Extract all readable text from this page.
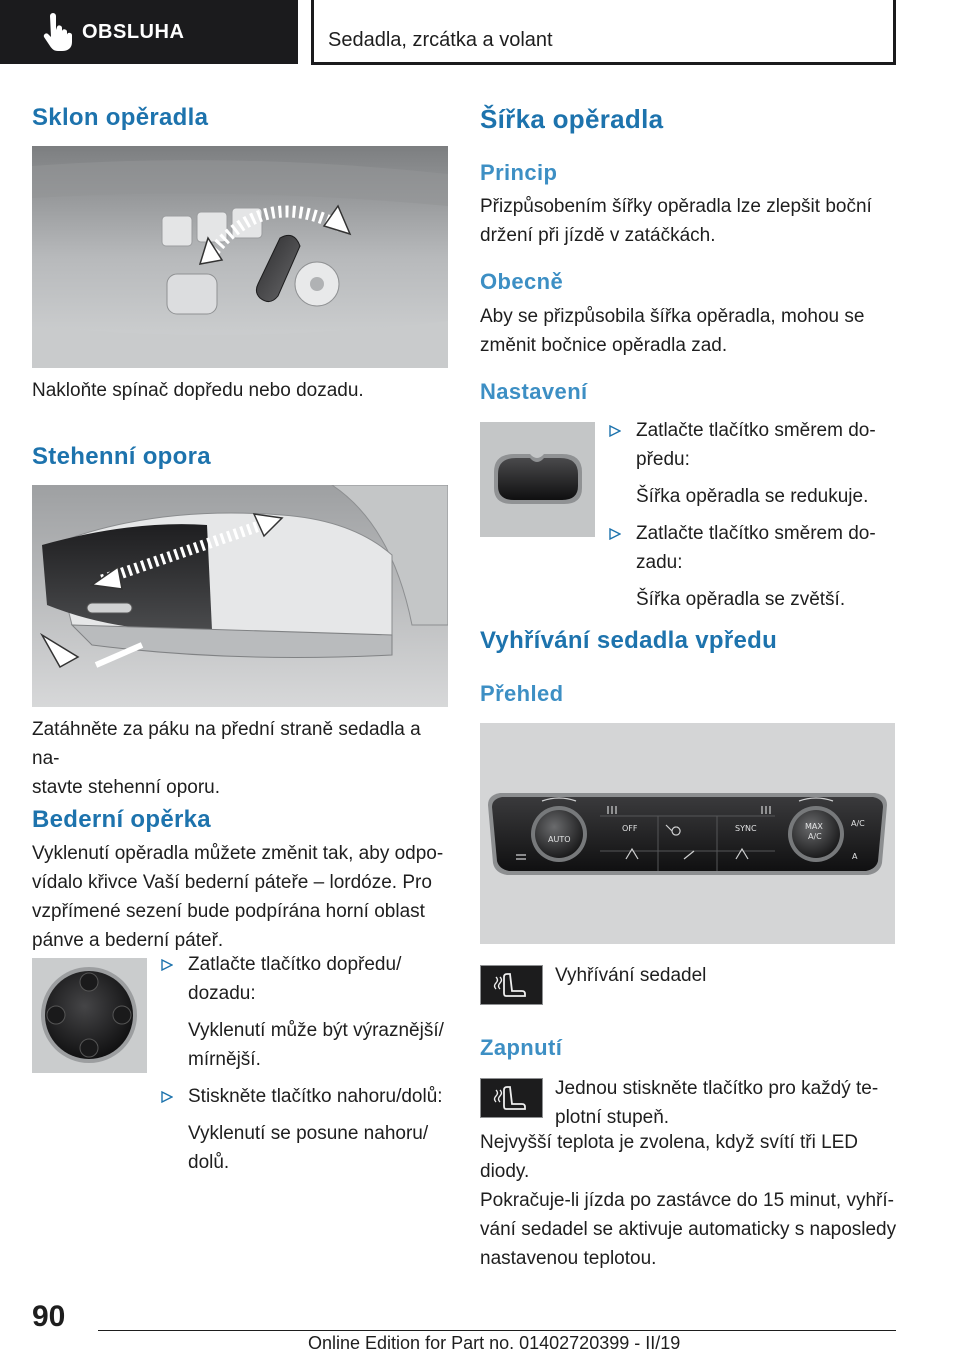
OBSLUHA	Sedadla, zrcátka a volant
Sklon opěradla
Nakloňte spínač dopředu nebo dozadu.
Stehenní opora
Zatáhněte za páku na přední straně sedadla a na-
stavte stehenní oporu.
Bederní opěrka
Vyklenutí opěradla můžete změnit tak, aby odpo-
vídalo křivce Vaší bederní páteře – lordóze. Pro
vzpřímené sezení bude podpírána horní oblast
pánve a bederní páteř.
Zatlačte tlačítko dopředu/
dozadu:
Vyklenutí může být výraznější/
mírnější.
Stiskněte tlačítko nahoru/dolů:
Vyklenutí se posune nahoru/
dolů.
Šířka opěradla
Princip
Přizpůsobením šířky opěradla lze zlepšit boční
držení při jízdě v zatáčkách.
Obecně
Aby se přizpůsobila šířka opěradla, mohou se
změnit bočnice opěradla zad.
Nastavení
Zatlačte tlačítko směrem do-
předu:
Šířka opěradla se redukuje.
Zatlačte tlačítko směrem do-
zadu:
Šířka opěradla se zvětší.
Vyhřívání sedadla vpředu
Přehled
AUTO
OFF	SYNC	MAX
A/C
A/C
A
Vyhřívání sedadel
Zapnutí
Jednou stiskněte tlačítko pro každý te-
plotní stupeň.
Nejvyšší teplota je zvolena, když svítí tři LED
diody.
Pokračuje-li jízda po zastávce do 15 minut, vyhří-
vání sedadel se aktivuje automaticky s naposledy
nastavenou teplotou.
90
Online Edition for Part no. 01402720399 - II/19
